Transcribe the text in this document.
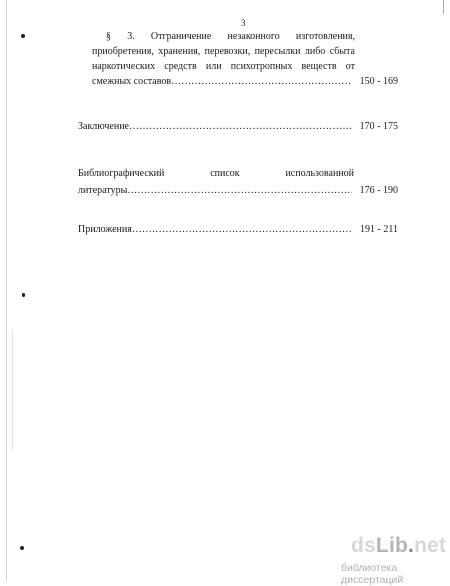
3
§ 3. Отграничение незаконного изготовления,
приобретения, хранения, перевозки, пересылки либо сбыта
наркотических средств или психотропных веществ от
смежных составов ……………………………………………………………………………………………………………………………………	150 - 169
Заключение ……………………………………………………………………………………………………………………………………	170 - 175
Библиографический список использованной
литературы ……………………………………………………………………………………………………………………………………	176 - 190
Приложения ……………………………………………………………………………………………………………………………………	191 - 211
dsLib.net
библиотека диссертаций
